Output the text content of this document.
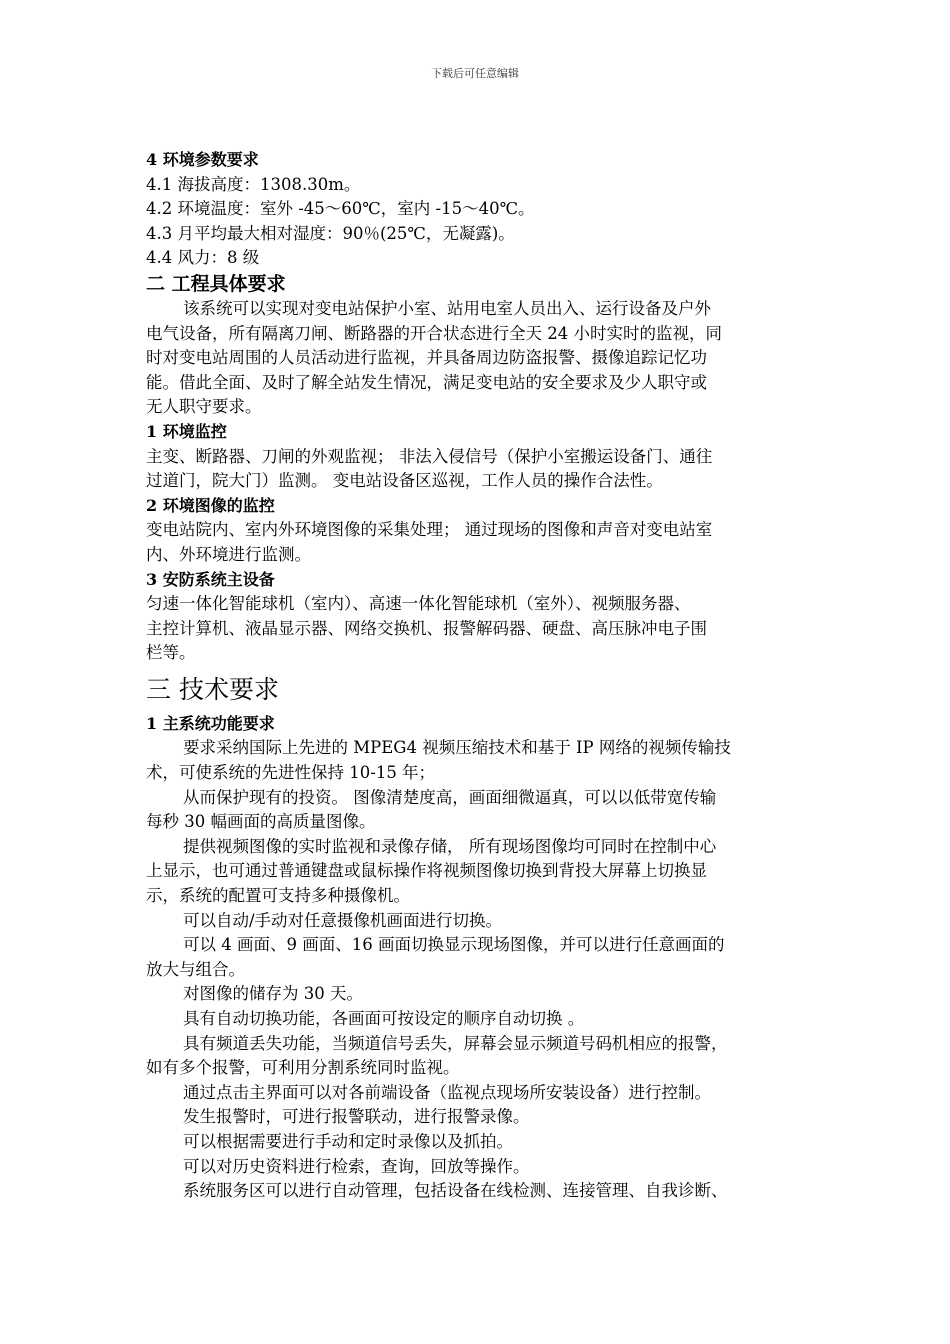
下载后可任意编辑

4 环境参数要求

4.1 海拔高度：1308.30m。

4.2 环境温度：室外 -45～60℃，室内 -15～40℃。

4.3 月平均最大相对湿度：90％(25℃，无凝露)。

4.4 风力：8 级

二 工程具体要求

该系统可以实现对变电站保护小室、站用电室人员出入、运行设备及户外

电气设备，所有隔离刀闸、断路器的开合状态进行全天 24 小时实时的监视，同

时对变电站周围的人员活动进行监视，并具备周边防盗报警、摄像追踪记忆功

能。借此全面、及时了解全站发生情况，满足变电站的安全要求及少人职守或

无人职守要求。

1 环境监控

主变、断路器、刀闸的外观监视； 非法入侵信号（保护小室搬运设备门、通往

过道门，院大门）监测。 变电站设备区巡视，工作人员的操作合法性。

2 环境图像的监控

变电站院内、室内外环境图像的采集处理； 通过现场的图像和声音对变电站室

内、外环境进行监测。

3 安防系统主设备

匀速一体化智能球机（室内）、高速一体化智能球机（室外）、视频服务器、

主控计算机、液晶显示器、网络交换机、报警解码器、硬盘、高压脉冲电子围

栏等。

三 技术要求

1 主系统功能要求

要求采纳国际上先进的 MPEG4 视频压缩技术和基于 IP 网络的视频传输技

术，可使系统的先进性保持 10-15 年；

从而保护现有的投资。 图像清楚度高，画面细微逼真，可以以低带宽传输

每秒 30 幅画面的高质量图像。

提供视频图像的实时监视和录像存储， 所有现场图像均可同时在控制中心

上显示，也可通过普通键盘或鼠标操作将视频图像切换到背投大屏幕上切换显

示，系统的配置可支持多种摄像机。

可以自动/手动对任意摄像机画面进行切换。

可以 4 画面、9 画面、16 画面切换显示现场图像，并可以进行任意画面的

放大与组合。

对图像的储存为 30 天。

具有自动切换功能，各画面可按设定的顺序自动切换 。

具有频道丢失功能，当频道信号丢失，屏幕会显示频道号码机相应的报警，

如有多个报警，可利用分割系统同时监视。

通过点击主界面可以对各前端设备（监视点现场所安装设备）进行控制。

发生报警时，可进行报警联动，进行报警录像。

可以根据需要进行手动和定时录像以及抓拍。

可以对历史资料进行检索，查询，回放等操作。

系统服务区可以进行自动管理，包括设备在线检测、连接管理、自我诊断、
